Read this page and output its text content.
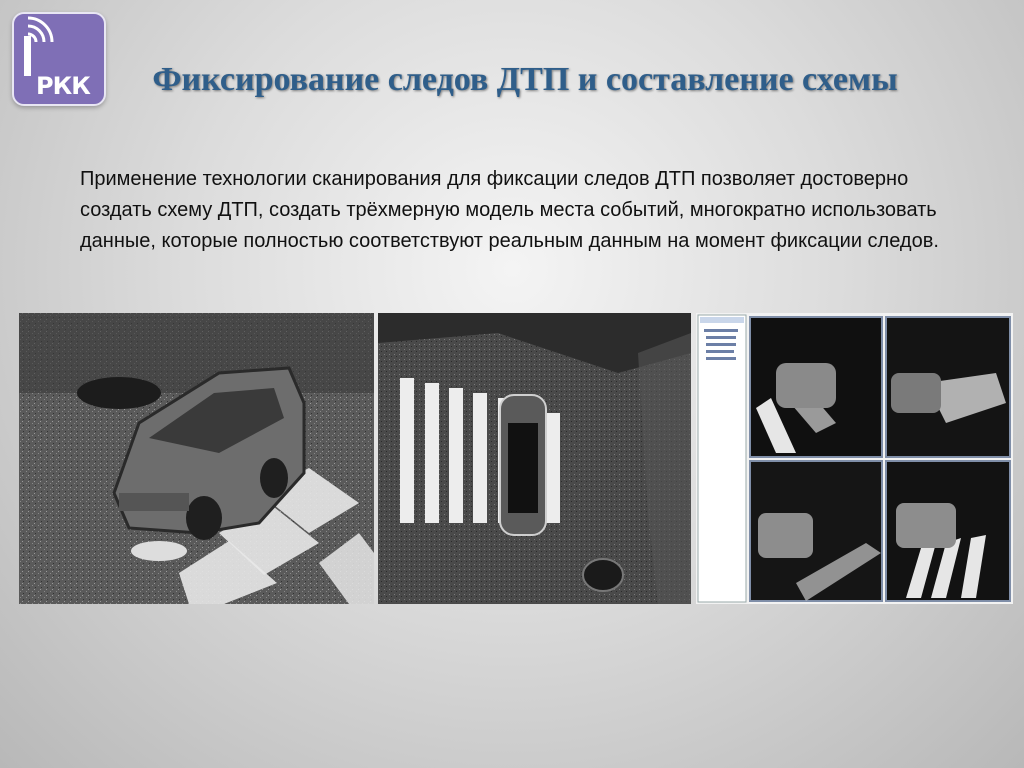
РКК	Фиксирование следов ДТП и составление схемы
Применение технологии сканирования для фиксации следов ДТП позволяет достоверно создать схему ДТП, создать трёхмерную модель места событий, многократно использовать данные, которые полностью соответствуют реальным данным на момент фиксации следов.
